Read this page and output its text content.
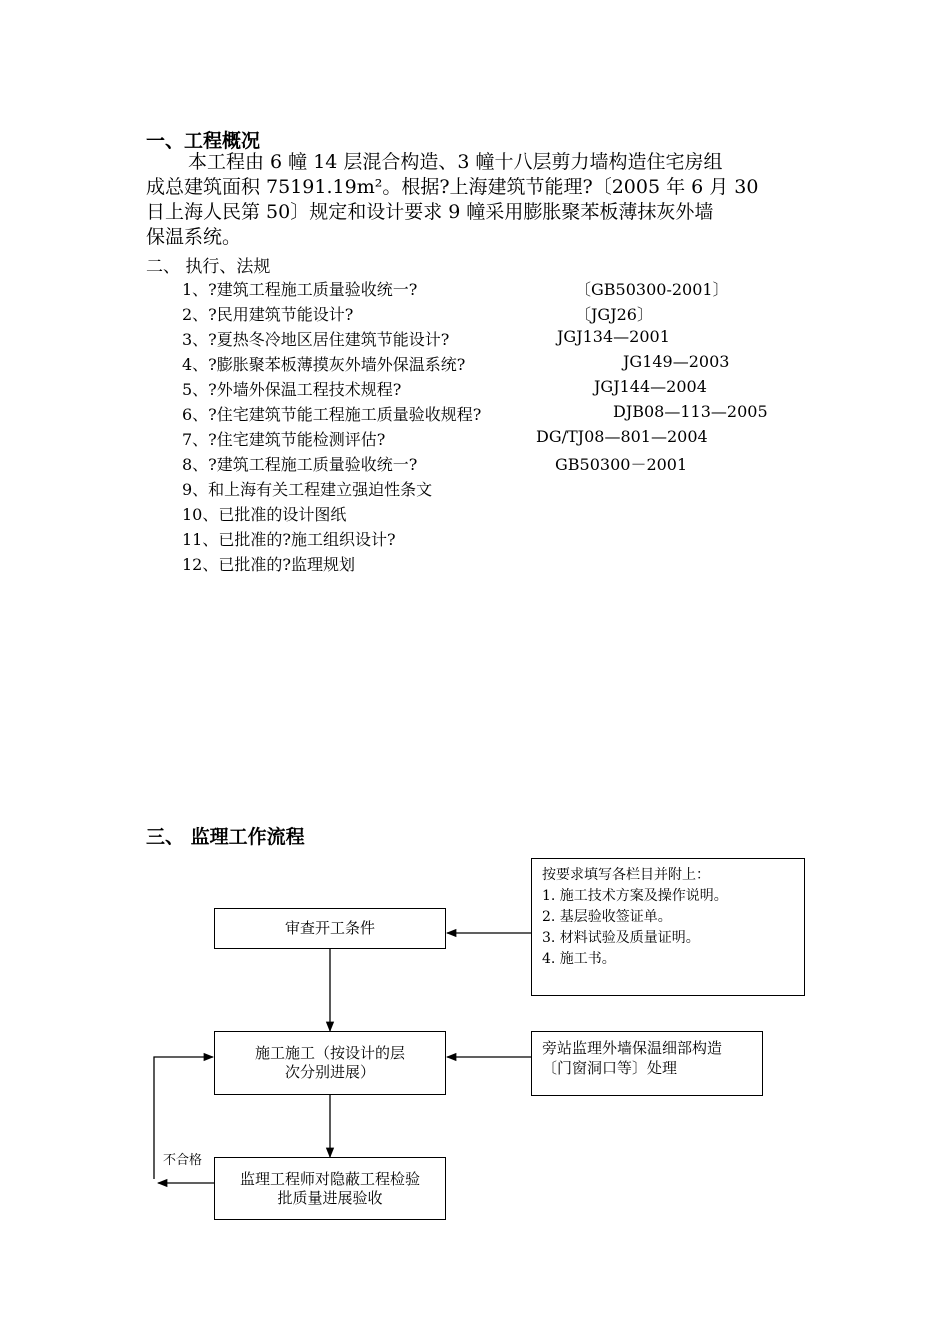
一、工程概况
本工程由 6 幢 14 层混合构造、3 幢十八层剪力墙构造住宅房组
成总建筑面积 75191.19m²。根据?上海建筑节能理?〔2005 年 6 月 30
日上海人民第 50〕规定和设计要求 9 幢采用膨胀聚苯板薄抹灰外墙
保温系统。
二、 执行、法规
1、?建筑工程施工质量验收统一?	〔GB50300-2001〕
2、?民用建筑节能设计?	〔JGJ26〕
3、?夏热冬冷地区居住建筑节能设计?	JGJ134—2001
4、?膨胀聚苯板薄摸灰外墙外保温系统?	JG149—2003
5、?外墙外保温工程技术规程?	JGJ144—2004
6、?住宅建筑节能工程施工质量验收规程?	DJB08—113—2005
7、?住宅建筑节能检测评估?	DG/TJ08—801—2004
8、?建筑工程施工质量验收统一?	GB50300－2001
9、和上海有关工程建立强迫性条文
10、已批准的设计图纸
11、已批准的?施工组织设计?
12、已批准的?监理规划
三、 监理工作流程
审查开工条件
按要求填写各栏目并附上：
1. 施工技术方案及操作说明。
2. 基层验收签证单。
3. 材料试验及质量证明。
4. 施工书。
施工施工（按设计的层
次分别进展）
旁站监理外墙保温细部构造
〔门窗洞口等〕处理
监理工程师对隐蔽工程检验
批质量进展验收
不合格
